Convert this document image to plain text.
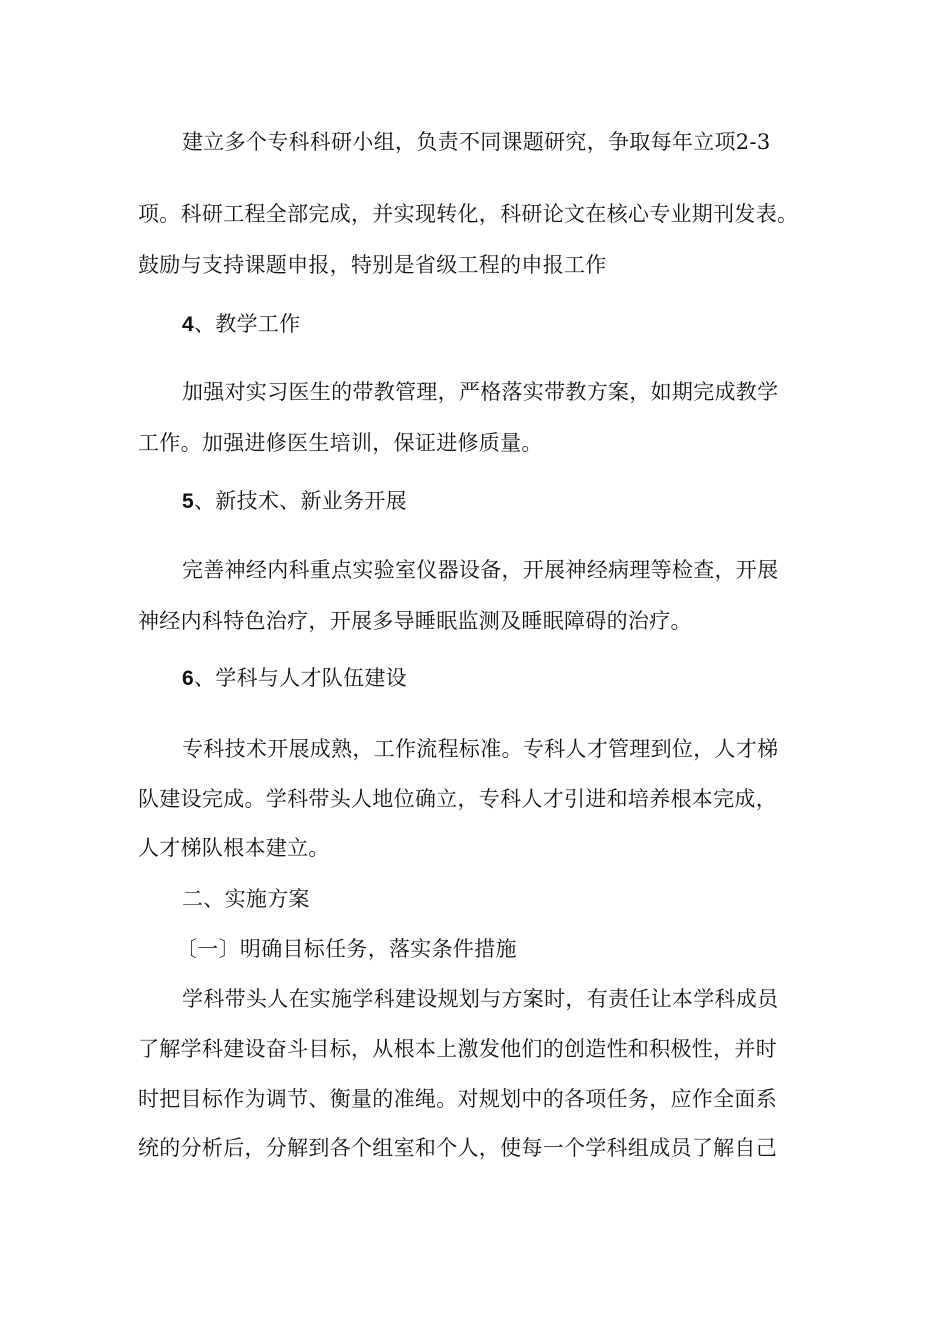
建立多个专科科研小组，负责不同课题研究，争取每年立项2-3
项。科研工程全部完成，并实现转化，科研论文在核心专业期刊发表。
鼓励与支持课题申报，特别是省级工程的申报工作
4、教学工作
加强对实习医生的带教管理，严格落实带教方案，如期完成教学
工作。加强进修医生培训，保证进修质量。
5、新技术、新业务开展
完善神经内科重点实验室仪器设备，开展神经病理等检查，开展
神经内科特色治疗，开展多导睡眠监测及睡眠障碍的治疗。
6、学科与人才队伍建设
专科技术开展成熟，工作流程标准。专科人才管理到位，人才梯
队建设完成。学科带头人地位确立，专科人才引进和培养根本完成，
人才梯队根本建立。
二、实施方案
〔一〕明确目标任务，落实条件措施
学科带头人在实施学科建设规划与方案时，有责任让本学科成员
了解学科建设奋斗目标，从根本上激发他们的创造性和积极性，并时
时把目标作为调节、衡量的准绳。对规划中的各项任务，应作全面系
统的分析后，分解到各个组室和个人，使每一个学科组成员了解自己
